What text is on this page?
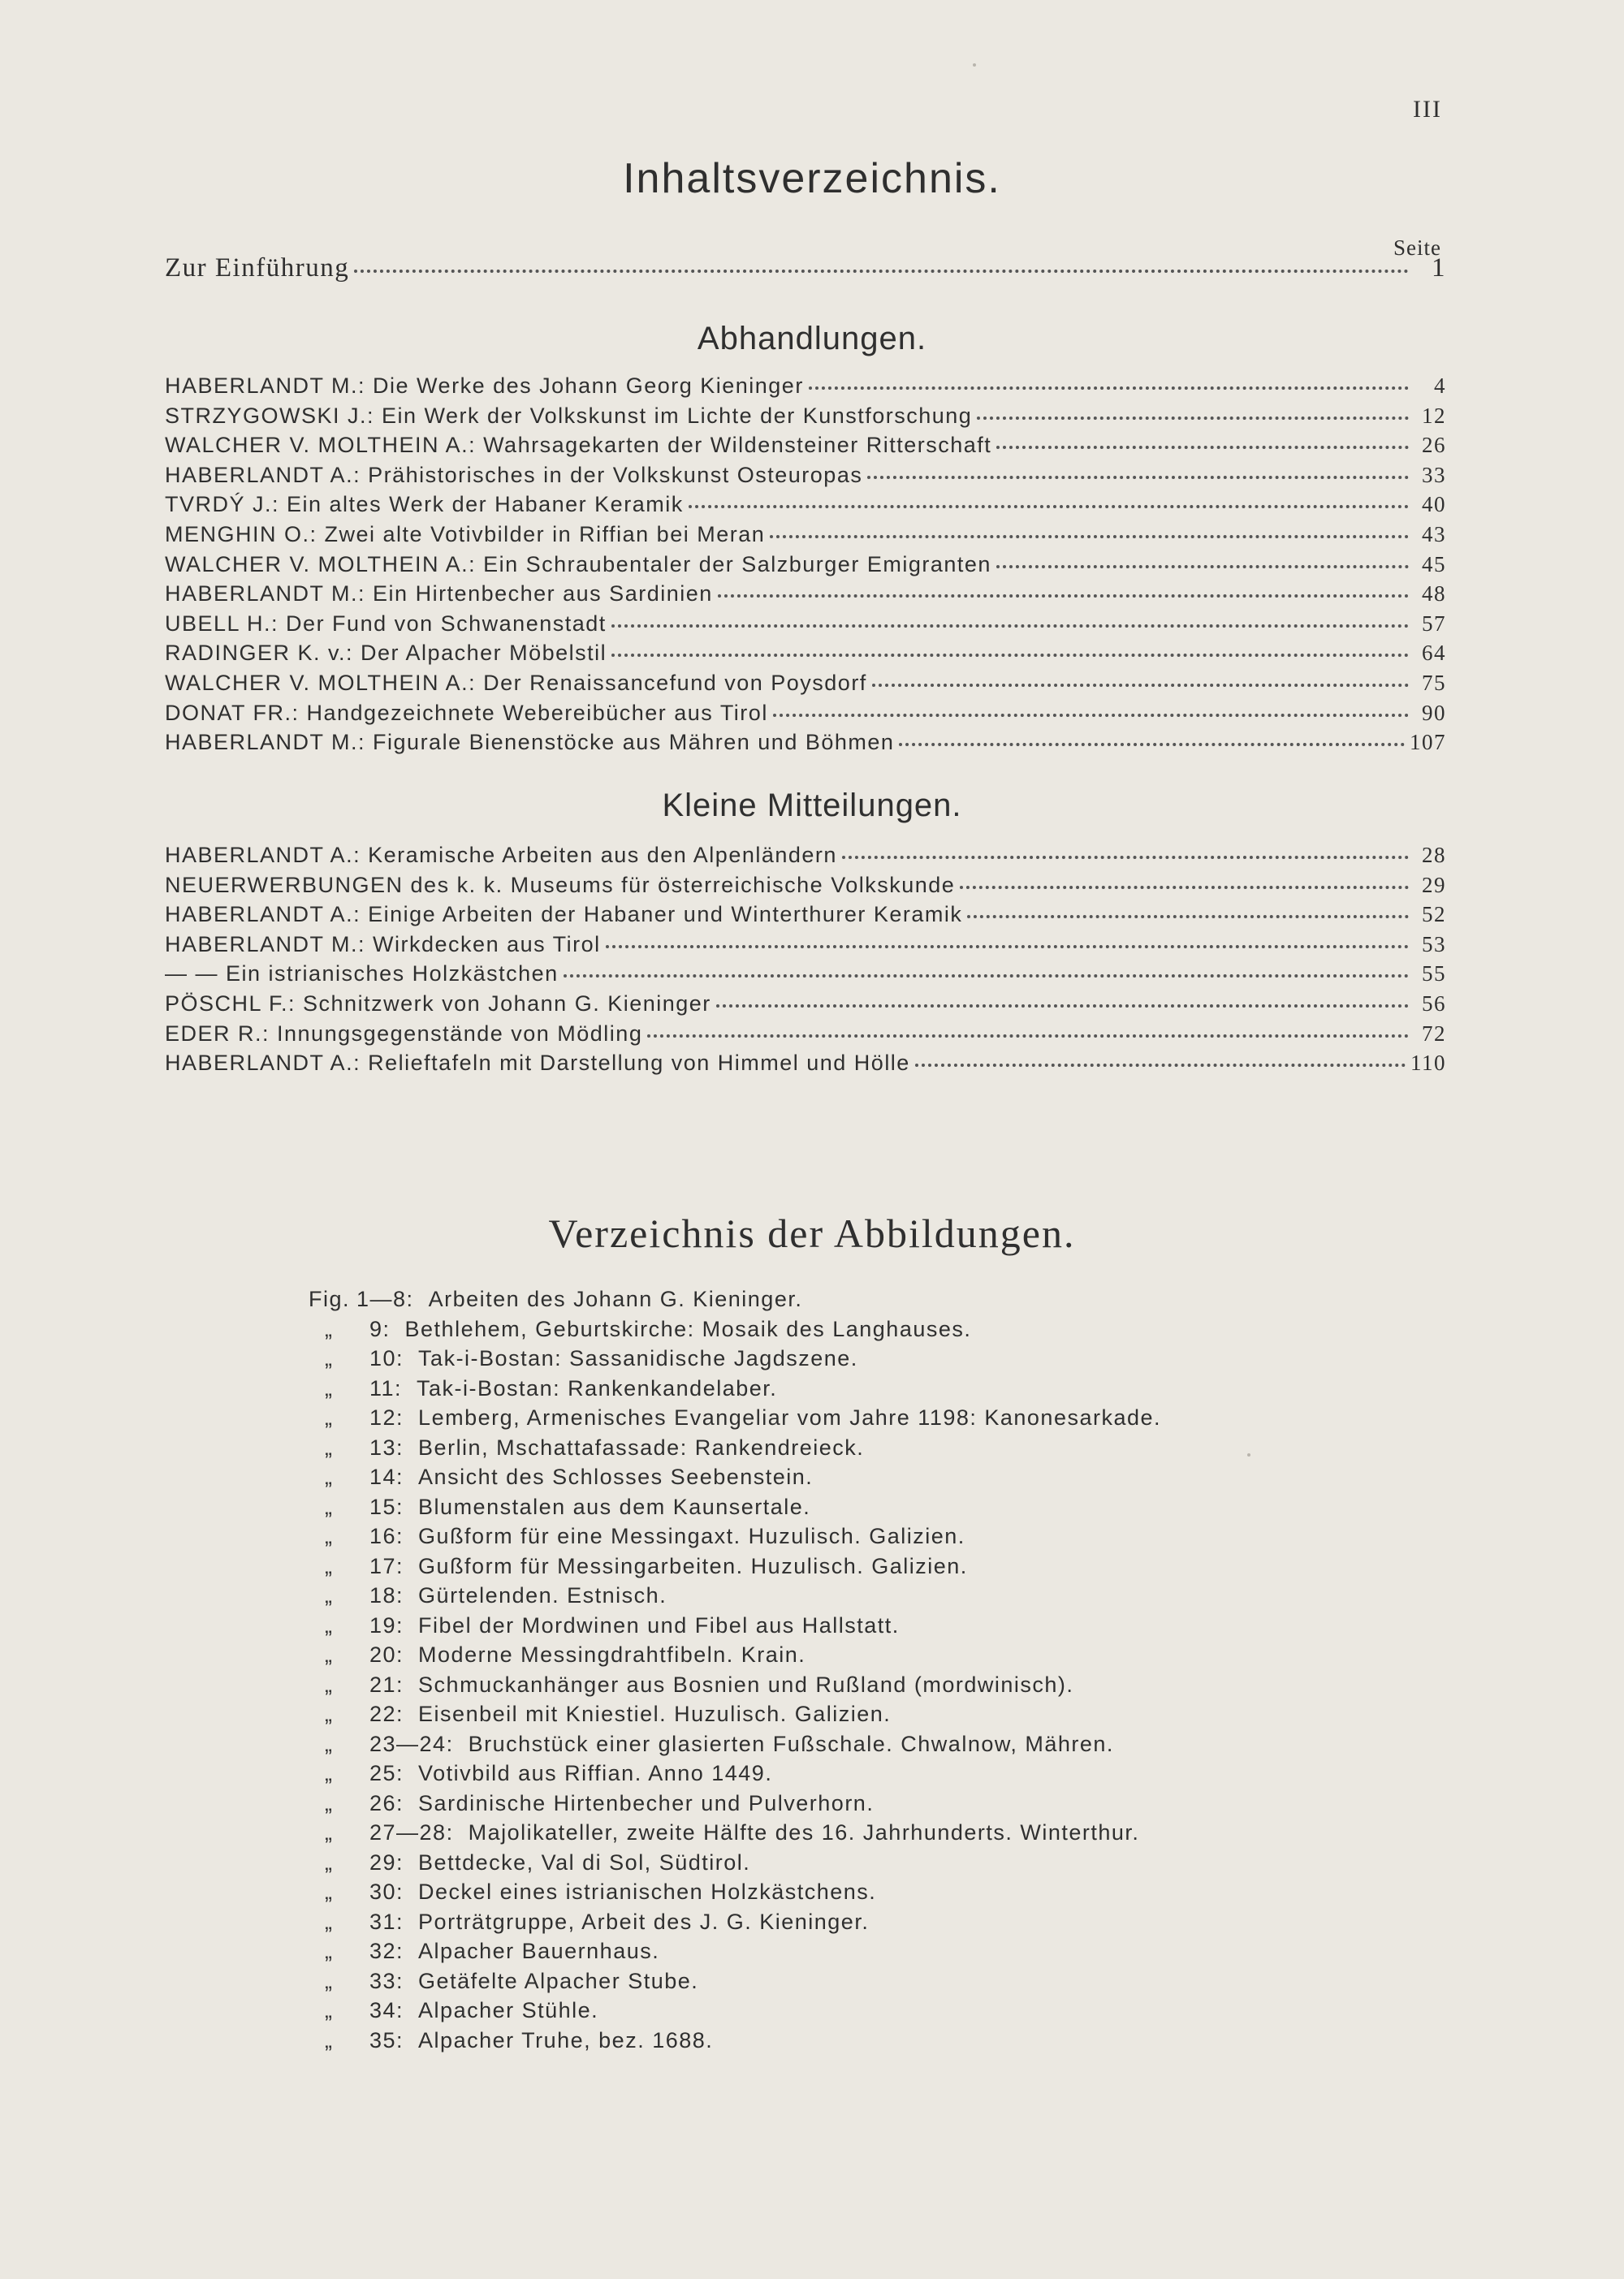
III
Inhaltsverzeichnis.
Seite
Zur Einführung	1
Abhandlungen.
HABERLANDT M.: Die Werke des Johann Georg Kieninger	4
STRZYGOWSKI J.: Ein Werk der Volkskunst im Lichte der Kunstforschung	12
WALCHER V. MOLTHEIN A.: Wahrsagekarten der Wildensteiner Ritterschaft	26
HABERLANDT A.: Prähistorisches in der Volkskunst Osteuropas	33
TVRDÝ J.: Ein altes Werk der Habaner Keramik	40
MENGHIN O.: Zwei alte Votivbilder in Riffian bei Meran	43
WALCHER V. MOLTHEIN A.: Ein Schraubentaler der Salzburger Emigranten	45
HABERLANDT M.: Ein Hirtenbecher aus Sardinien	48
UBELL H.: Der Fund von Schwanenstadt	57
RADINGER K. v.: Der Alpacher Möbelstil	64
WALCHER V. MOLTHEIN A.: Der Renaissancefund von Poysdorf	75
DONAT FR.: Handgezeichnete Webereibücher aus Tirol	90
HABERLANDT M.: Figurale Bienenstöcke aus Mähren und Böhmen	107
Kleine Mitteilungen.
HABERLANDT A.: Keramische Arbeiten aus den Alpenländern	28
NEUERWERBUNGEN des k. k. Museums für österreichische Volkskunde	29
HABERLANDT A.: Einige Arbeiten der Habaner und Winterthurer Keramik	52
HABERLANDT M.: Wirkdecken aus Tirol	53
— — Ein istrianisches Holzkästchen	55
PÖSCHL F.: Schnitzwerk von Johann G. Kieninger	56
EDER R.: Innungsgegenstände von Mödling	72
HABERLANDT A.: Relieftafeln mit Darstellung von Himmel und Hölle	110
Verzeichnis der Abbildungen.
Fig. 1—8: Arbeiten des Johann G. Kieninger.
„	9: Bethlehem, Geburtskirche: Mosaik des Langhauses.
„	10: Tak-i-Bostan: Sassanidische Jagdszene.
„	11: Tak-i-Bostan: Rankenkandelaber.
„	12: Lemberg, Armenisches Evangeliar vom Jahre 1198: Kanonesarkade.
„	13: Berlin, Mschattafassade: Rankendreieck.
„	14: Ansicht des Schlosses Seebenstein.
„	15: Blumenstalen aus dem Kaunsertale.
„	16: Gußform für eine Messingaxt. Huzulisch. Galizien.
„	17: Gußform für Messingarbeiten. Huzulisch. Galizien.
„	18: Gürtelenden. Estnisch.
„	19: Fibel der Mordwinen und Fibel aus Hallstatt.
„	20: Moderne Messingdrahtfibeln. Krain.
„	21: Schmuckanhänger aus Bosnien und Rußland (mordwinisch).
„	22: Eisenbeil mit Kniestiel. Huzulisch. Galizien.
„	23—24: Bruchstück einer glasierten Fußschale. Chwalnow, Mähren.
„	25: Votivbild aus Riffian. Anno 1449.
„	26: Sardinische Hirtenbecher und Pulverhorn.
„	27—28: Majolikateller, zweite Hälfte des 16. Jahrhunderts. Winterthur.
„	29: Bettdecke, Val di Sol, Südtirol.
„	30: Deckel eines istrianischen Holzkästchens.
„	31: Porträtgruppe, Arbeit des J. G. Kieninger.
„	32: Alpacher Bauernhaus.
„	33: Getäfelte Alpacher Stube.
„	34: Alpacher Stühle.
„	35: Alpacher Truhe, bez. 1688.
